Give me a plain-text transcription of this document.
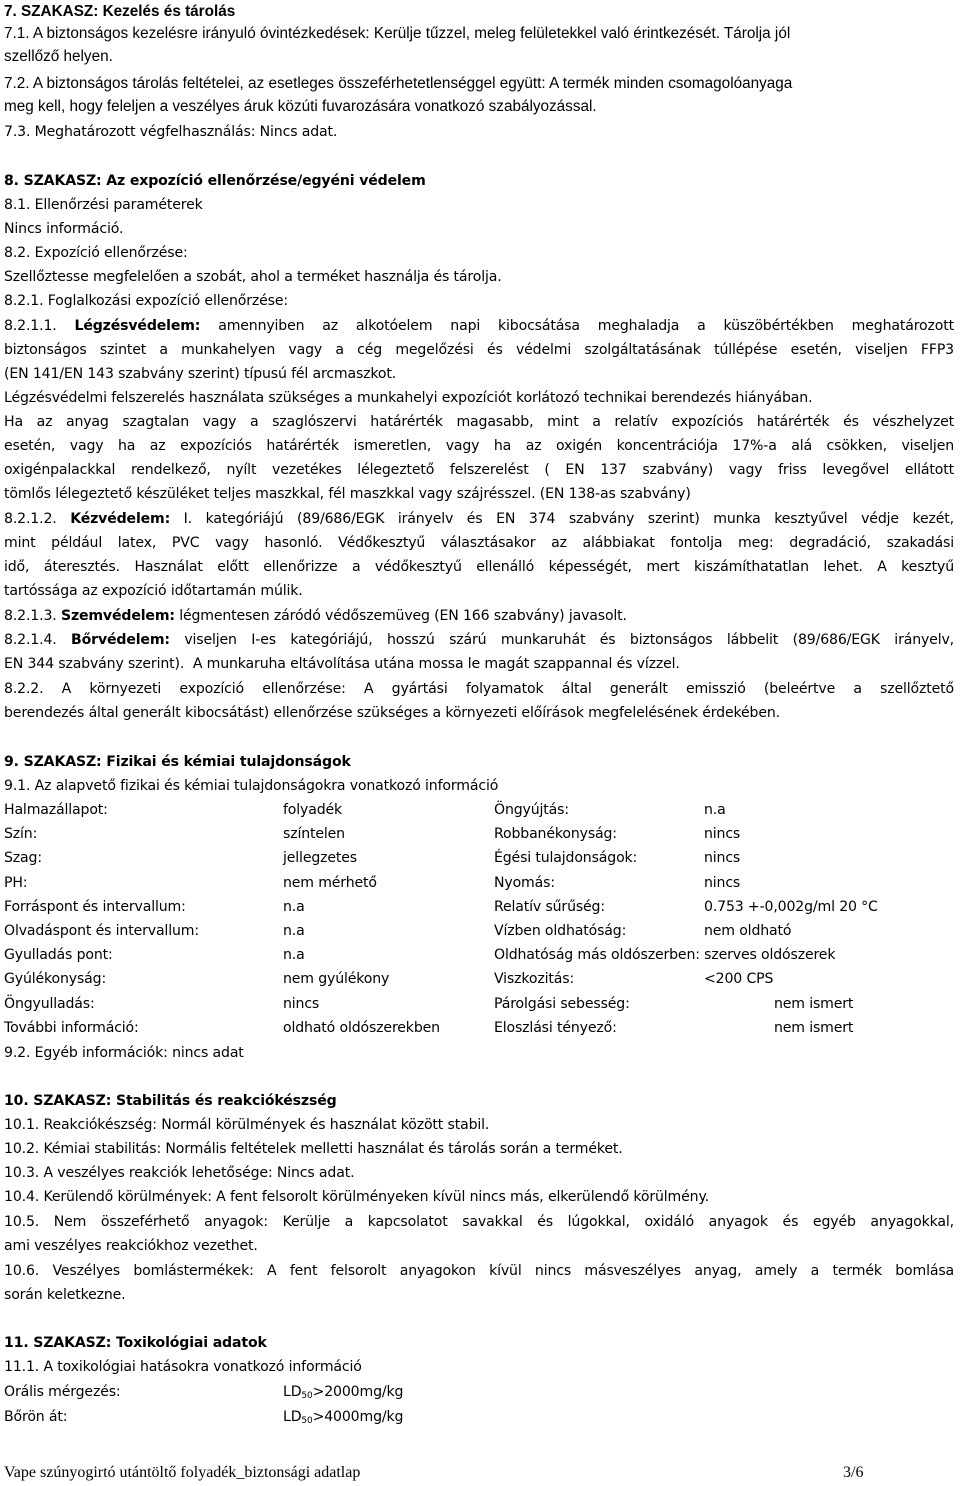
7. SZAKASZ: Kezelés és tárolás
7.1. A biztonságos kezelésre irányuló óvintézkedések: Kerülje tűzzel, meleg felületekkel való érintkezését. Tárolja jól
szellőző helyen.
7.2. A biztonságos tárolás feltételei, az esetleges összeférhetetlenséggel együtt: A termék minden csomagolóanyaga
meg kell, hogy feleljen a veszélyes áruk közúti fuvarozására vonatkozó szabályozással.
7.3. Meghatározott végfelhasználás: Nincs adat.
8. SZAKASZ: Az expozíció ellenőrzése/egyéni védelem
8.1. Ellenőrzési paraméterek
Nincs információ.
8.2. Expozíció ellenőrzése:
Szellőztesse megfelelően a szobát, ahol a terméket használja és tárolja.
8.2.1. Foglalkozási expozíció ellenőrzése:
8.2.1.1. Légzésvédelem: amennyiben az alkotóelem napi kibocsátása meghaladja a küszöbértékben meghatározott
biztonságos szintet a munkahelyen vagy a cég megelőzési és védelmi szolgáltatásának túllépése esetén, viseljen FFP3
(EN 141/EN 143 szabvány szerint) típusú fél arcmaszkot.
Légzésvédelmi felszerelés használata szükséges a munkahelyi expozíciót korlátozó technikai berendezés hiányában.
Ha az anyag szagtalan vagy a szaglószervi határérték magasabb, mint a relatív expozíciós határérték és vészhelyzet
esetén, vagy ha az expozíciós határérték ismeretlen, vagy ha az oxigén koncentrációja 17%-a alá csökken, viseljen
oxigénpalackkal rendelkező, nyílt vezetékes lélegeztető felszerelést ( EN 137 szabvány) vagy friss levegővel ellátott
tömlős lélegeztető készüléket teljes maszkkal, fél maszkkal vagy szájrésszel. (EN 138-as szabvány)
8.2.1.2. Kézvédelem: I. kategóriájú (89/686/EGK irányelv és EN 374 szabvány szerint) munka kesztyűvel védje kezét,
mint például latex, PVC vagy hasonló. Védőkesztyű választásakor az alábbiakat fontolja meg: degradáció, szakadási
idő, áteresztés. Használat előtt ellenőrizze a védőkesztyű ellenálló képességét, mert kiszámíthatatlan lehet. A kesztyű
tartóssága az expozíció időtartamán múlik.
8.2.1.3. Szemvédelem: légmentesen záródó védőszemüveg (EN 166 szabvány) javasolt.
8.2.1.4. Bőrvédelem: viseljen I-es kategóriájú, hosszú szárú munkaruhát és biztonságos lábbelit (89/686/EGK irányelv,
EN 344 szabvány szerint).  A munkaruha eltávolítása utána mossa le magát szappannal és vízzel.
8.2.2. A környezeti expozíció ellenőrzése: A gyártási folyamatok által generált emisszió (beleértve a szellőztető
berendezés által generált kibocsátást) ellenőrzése szükséges a környezeti előírások megfelelésének érdekében.
9. SZAKASZ: Fizikai és kémiai tulajdonságok
9.1. Az alapvető fizikai és kémiai tulajdonságokra vonatkozó információ
Halmazállapot:	folyadék	Öngyújtás:	n.a
Szín:	színtelen	Robbanékonyság:	nincs
Szag:	jellegzetes	Égési tulajdonságok:	nincs
PH:	nem mérhető	Nyomás:	nincs
Forráspont és intervallum:	n.a	Relatív sűrűség:	0.753 +-0,002g/ml 20 °C
Olvadáspont és intervallum:	n.a	Vízben oldhatóság:	nem oldható
Gyulladás pont:	n.a	Oldhatóság más oldószerben: szerves oldószerek
Gyúlékonyság:	nem gyúlékony	Viszkozitás:	<200 CPS
Öngyulladás:	nincs	Párolgási sebesség:	nem ismert
További információ:	oldható oldószerekben	Eloszlási tényező:	nem ismert
9.2. Egyéb információk: nincs adat
10. SZAKASZ: Stabilitás és reakciókészség
10.1. Reakciókészség: Normál körülmények és használat között stabil.
10.2. Kémiai stabilitás: Normális feltételek melletti használat és tárolás során a terméket.
10.3. A veszélyes reakciók lehetősége: Nincs adat.
10.4. Kerülendő körülmények: A fent felsorolt körülményeken kívül nincs más, elkerülendő körülmény.
10.5. Nem összeférhető anyagok: Kerülje a kapcsolatot savakkal és lúgokkal, oxidáló anyagok és egyéb anyagokkal,
ami veszélyes reakciókhoz vezethet.
10.6. Veszélyes bomlástermékek: A fent felsorolt anyagokon kívül nincs másveszélyes anyag, amely a termék bomlása
során keletkezne.
11. SZAKASZ: Toxikológiai adatok
11.1. A toxikológiai hatásokra vonatkozó információ
Orális mérgezés:	$LD_{50}>2000mg/kg$
Bőrön át:	$LD_{50}>4000mg/kg$
Vape szúnyogirtó utántöltő folyadék_biztonsági adatlap	3/6
